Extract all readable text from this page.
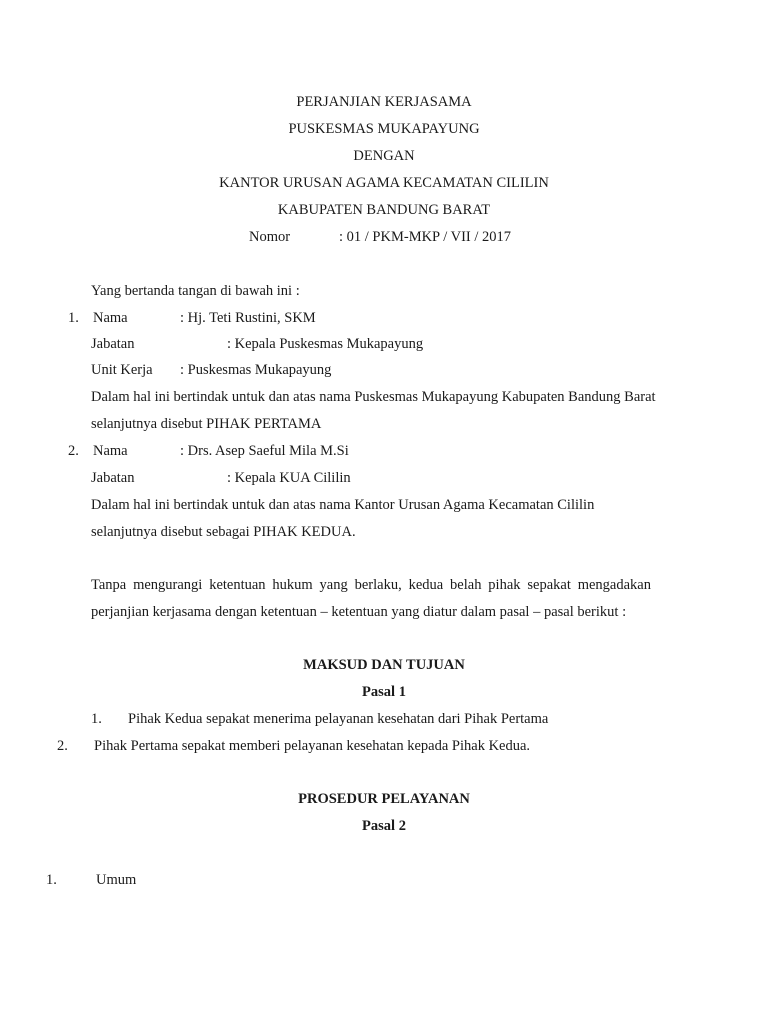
PERJANJIAN KERJASAMA
PUSKESMAS MUKAPAYUNG
DENGAN
KANTOR URUSAN AGAMA KECAMATAN CILILIN
KABUPATEN BANDUNG BARAT
Nomor	: 01 / PKM-MKP / VII / 2017
Yang bertanda tangan di bawah ini :
1. Nama	: Hj. Teti Rustini, SKM
Jabatan	: Kepala Puskesmas Mukapayung
Unit Kerja : Puskesmas Mukapayung
Dalam hal ini bertindak untuk dan atas nama Puskesmas Mukapayung Kabupaten Bandung Barat
selanjutnya disebut PIHAK PERTAMA
2. Nama	: Drs. Asep Saeful Mila M.Si
Jabatan	: Kepala KUA Cililin
Dalam hal ini bertindak untuk dan atas nama Kantor Urusan Agama Kecamatan Cililin
selanjutnya disebut sebagai PIHAK KEDUA.
Tanpa mengurangi ketentuan hukum yang berlaku, kedua belah pihak sepakat mengadakan
perjanjian kerjasama dengan ketentuan – ketentuan yang diatur dalam pasal – pasal berikut :
MAKSUD DAN TUJUAN
Pasal 1
1. Pihak Kedua sepakat menerima pelayanan kesehatan dari Pihak Pertama
2. Pihak Pertama sepakat memberi pelayanan kesehatan kepada Pihak Kedua.
PROSEDUR PELAYANAN
Pasal 2
1.	Umum
